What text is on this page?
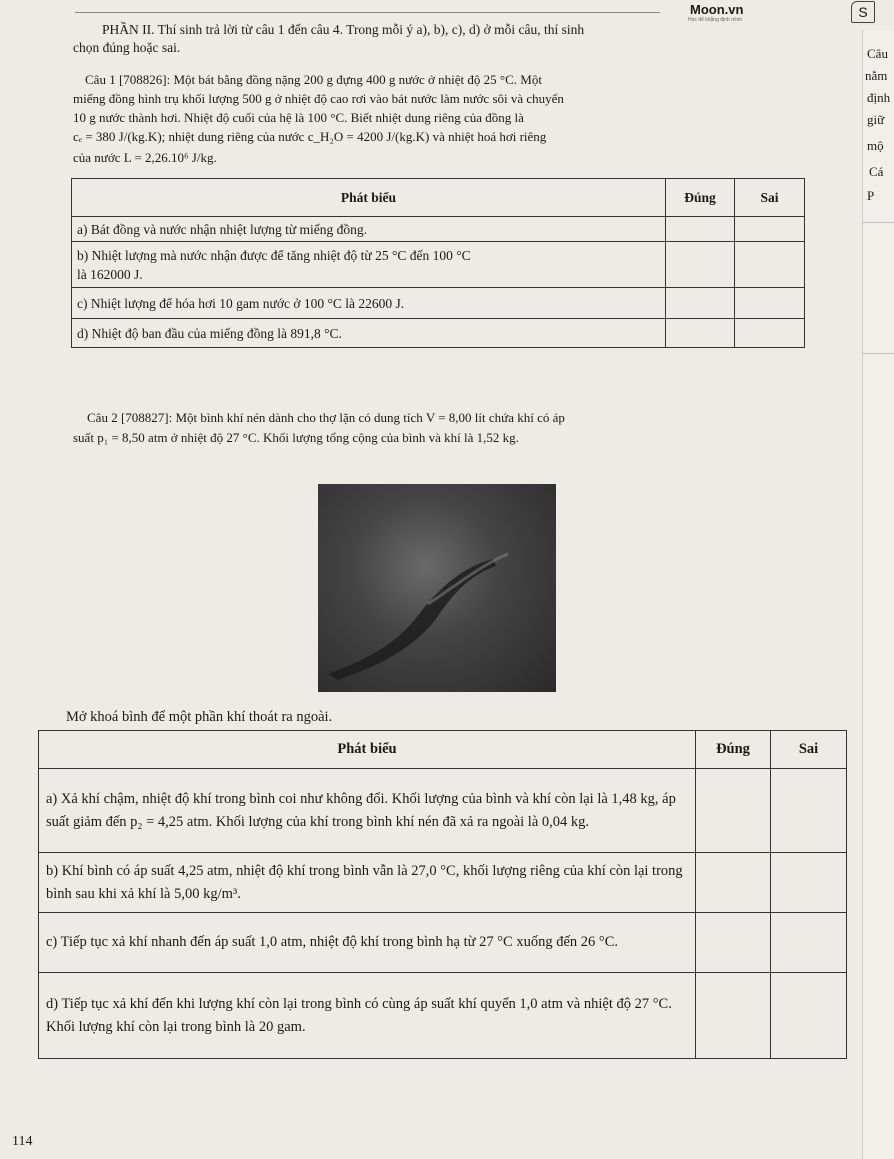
Moon.vn
Học để khẳng định mình	S
PHẦN II. Thí sinh trả lời từ câu 1 đến câu 4. Trong mỗi ý a), b), c), d) ở mỗi câu, thí sinh
chọn đúng hoặc sai.
Câu 1 [708826]: Một bát bằng đồng nặng 200 g đựng 400 g nước ở nhiệt độ 25 °C. Một
miếng đồng hình trụ khối lượng 500 g ở nhiệt độ cao rơi vào bát nước làm nước sôi và chuyển
10 g nước thành hơi. Nhiệt độ cuối của hệ là 100 °C. Biết nhiệt dung riêng của đồng là
cₑ = 380 J/(kg.K); nhiệt dung riêng của nước c_H₂O = 4200 J/(kg.K) và nhiệt hoá hơi riêng
của nước L = 2,26.10⁶ J/kg.
Phát biểu	Đúng	Sai
a) Bát đồng và nước nhận nhiệt lượng từ miếng đồng.		
b) Nhiệt lượng mà nước nhận được để tăng nhiệt độ từ 25 °C đến 100 °C
là 162000 J.		
c) Nhiệt lượng để hóa hơi 10 gam nước ở 100 °C là 22600 J.		
d) Nhiệt độ ban đầu của miếng đồng là 891,8 °C.		
Câu 2 [708827]: Một bình khí nén dành cho thợ lặn có dung tích V = 8,00 lít chứa khí có áp
suất p₁ = 8,50 atm ở nhiệt độ 27 °C. Khối lượng tổng cộng của bình và khí là 1,52 kg.
Mở khoá bình để một phần khí thoát ra ngoài.
Phát biểu	Đúng	Sai
a) Xả khí chậm, nhiệt độ khí trong bình coi như không đổi. Khối lượng của bình và khí còn lại là 1,48 kg, áp suất giảm đến p₂ = 4,25 atm. Khối lượng của khí trong bình khí nén đã xả ra ngoài là 0,04 kg.		
b) Khí bình có áp suất 4,25 atm, nhiệt độ khí trong bình vẫn là 27,0 °C, khối lượng riêng của khí còn lại trong bình sau khi xả khí là 5,00 kg/m³.		
c) Tiếp tục xả khí nhanh đến áp suất 1,0 atm, nhiệt độ khí trong bình hạ từ 27 °C xuống đến 26 °C.		
d) Tiếp tục xả khí đến khi lượng khí còn lại trong bình có cùng áp suất khí quyển 1,0 atm và nhiệt độ 27 °C. Khối lượng khí còn lại trong bình là 20 gam.		
Câu
nằm
định
giữ
mộ
Cá
P
114
